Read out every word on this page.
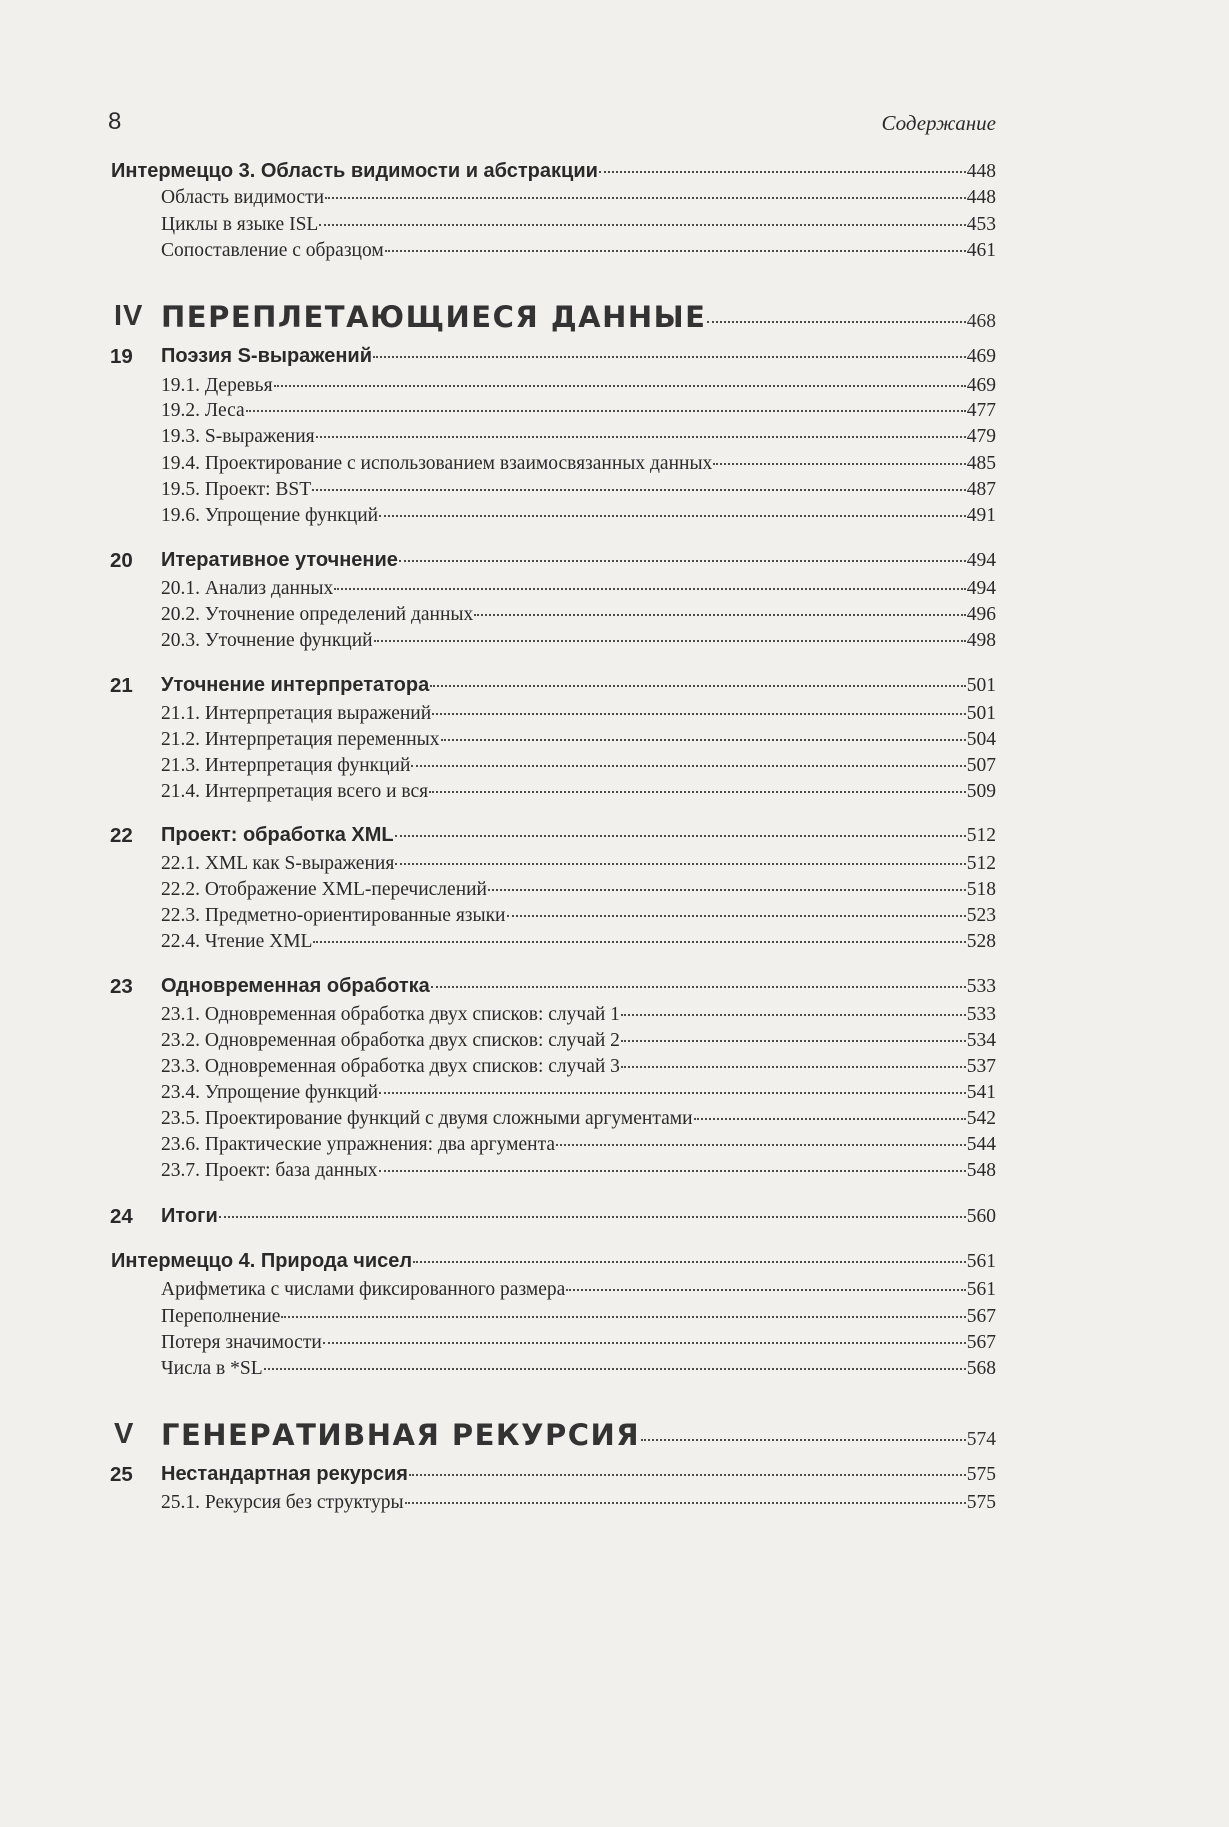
8	Содержание
Интермеццо 3. Область видимости и абстракции	448
Область видимости	448
Циклы в языке ISL	453
Сопоставление с образцом	461
IV ПЕРЕПЛЕТАЮЩИЕСЯ ДАННЫЕ	468
19 Поэзия S-выражений	469
19.1. Деревья	469
19.2. Леса	477
19.3. S-выражения	479
19.4. Проектирование с использованием взаимосвязанных данных	485
19.5. Проект: BST	487
19.6. Упрощение функций	491
20 Итеративное уточнение	494
20.1. Анализ данных	494
20.2. Уточнение определений данных	496
20.3. Уточнение функций	498
21 Уточнение интерпретатора	501
21.1. Интерпретация выражений	501
21.2. Интерпретация переменных	504
21.3. Интерпретация функций	507
21.4. Интерпретация всего и вся	509
22 Проект: обработка XML	512
22.1. XML как S-выражения	512
22.2. Отображение XML-перечислений	518
22.3. Предметно-ориентированные языки	523
22.4. Чтение XML	528
23 Одновременная обработка	533
23.1. Одновременная обработка двух списков: случай 1	533
23.2. Одновременная обработка двух списков: случай 2	534
23.3. Одновременная обработка двух списков: случай 3	537
23.4. Упрощение функций	541
23.5. Проектирование функций с двумя сложными аргументами	542
23.6. Практические упражнения: два аргумента	544
23.7. Проект: база данных	548
24 Итоги	560
Интермеццо 4. Природа чисел	561
Арифметика с числами фиксированного размера	561
Переполнение	567
Потеря значимости	567
Числа в *SL	568
V ГЕНЕРАТИВНАЯ РЕКУРСИЯ	574
25 Нестандартная рекурсия	575
25.1. Рекурсия без структуры	575
